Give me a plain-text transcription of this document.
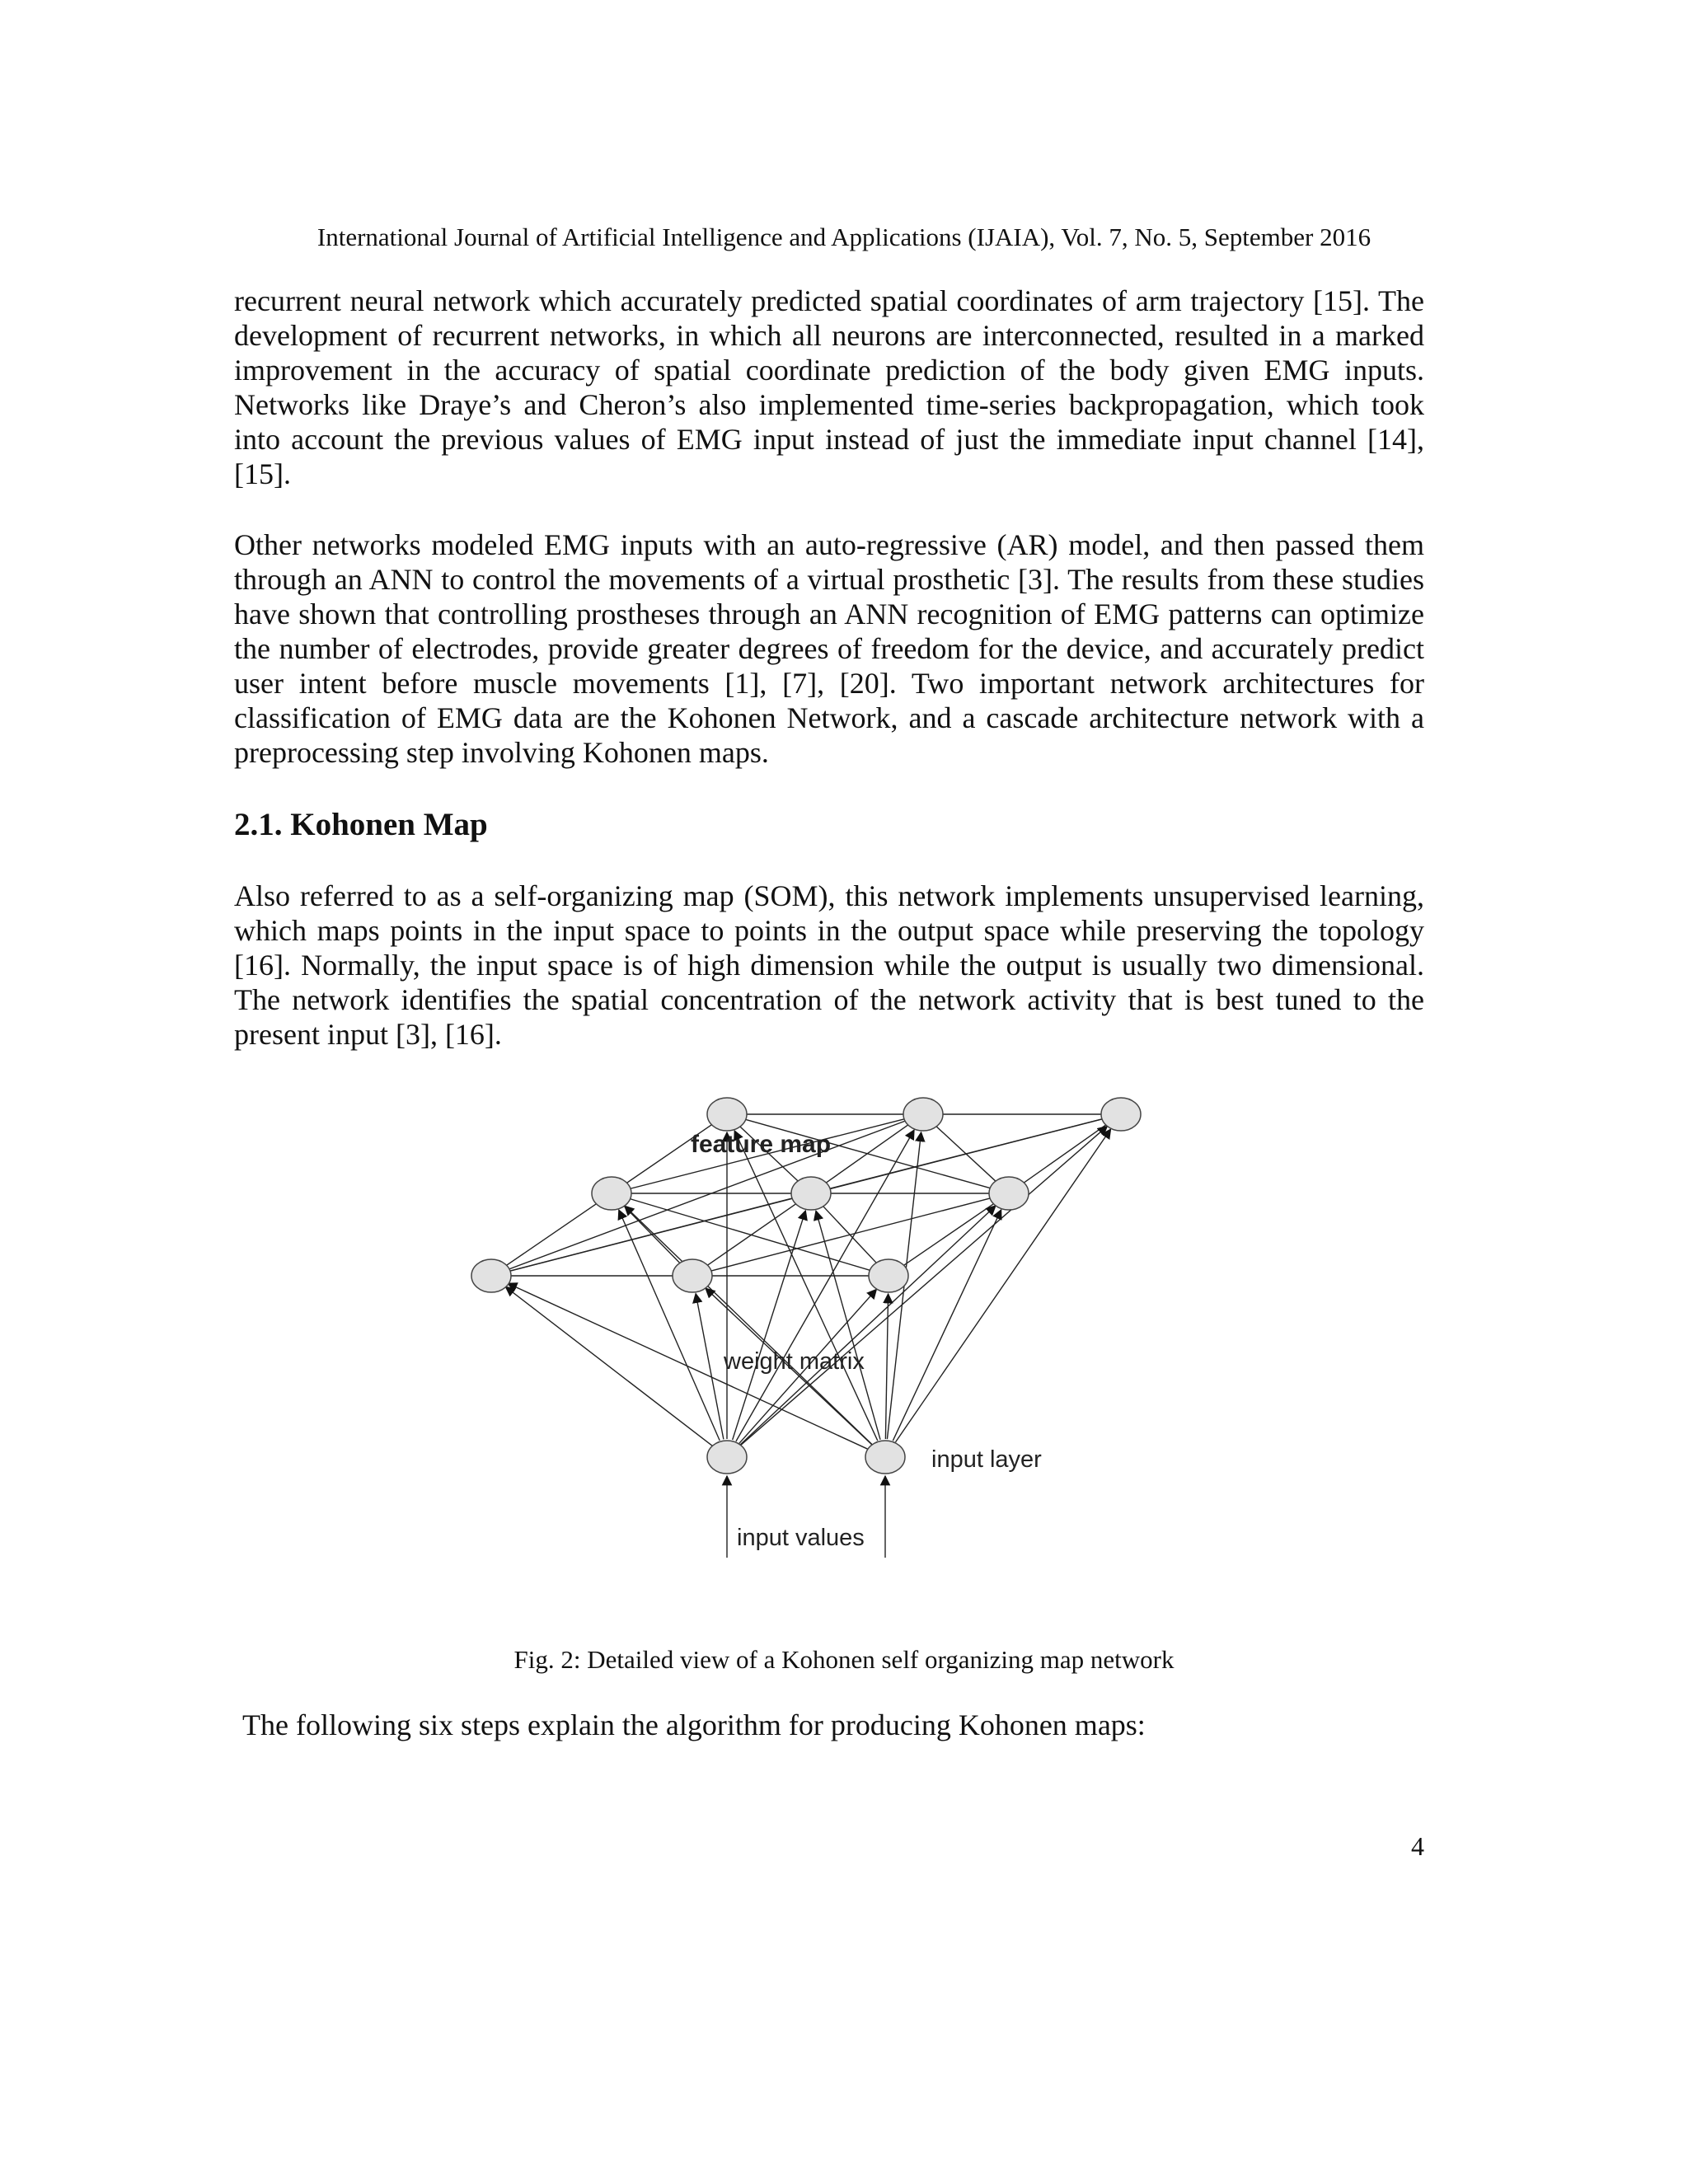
International Journal of Artificial Intelligence and Applications (IJAIA), Vol. 7, No. 5, September 2016

recurrent neural network which accurately predicted spatial coordinates of arm trajectory [15]. The development of recurrent networks, in which all neurons are interconnected, resulted in a marked improvement in the accuracy of spatial coordinate prediction of the body given EMG inputs. Networks like Draye’s and Cheron’s also implemented time-series backpropagation, which took into account the previous values of EMG input instead of just the immediate input channel [14], [15].

Other networks modeled EMG inputs with an auto-regressive (AR) model, and then passed them through an ANN to control the movements of a virtual prosthetic [3]. The results from these studies have shown that controlling prostheses through an ANN recognition of EMG patterns can optimize the number of electrodes, provide greater degrees of freedom for the device, and accurately predict user intent before muscle movements [1], [7], [20]. Two important network architectures for classification of EMG data are the Kohonen Network, and a cascade architecture network with a preprocessing step involving Kohonen maps.

2.1. Kohonen Map

Also referred to as a self-organizing map (SOM), this network implements unsupervised learning, which maps points in the input space to points in the output space while preserving the topology [16]. Normally, the input space is of high dimension while the output is usually two dimensional. The network identifies the spatial concentration of the network activity that is best tuned to the present input [3], [16].

feature map
weight matrix
input layer
input values
Fig. 2: Detailed view of a Kohonen self organizing map network
The following six steps explain the algorithm for producing Kohonen maps:
4
